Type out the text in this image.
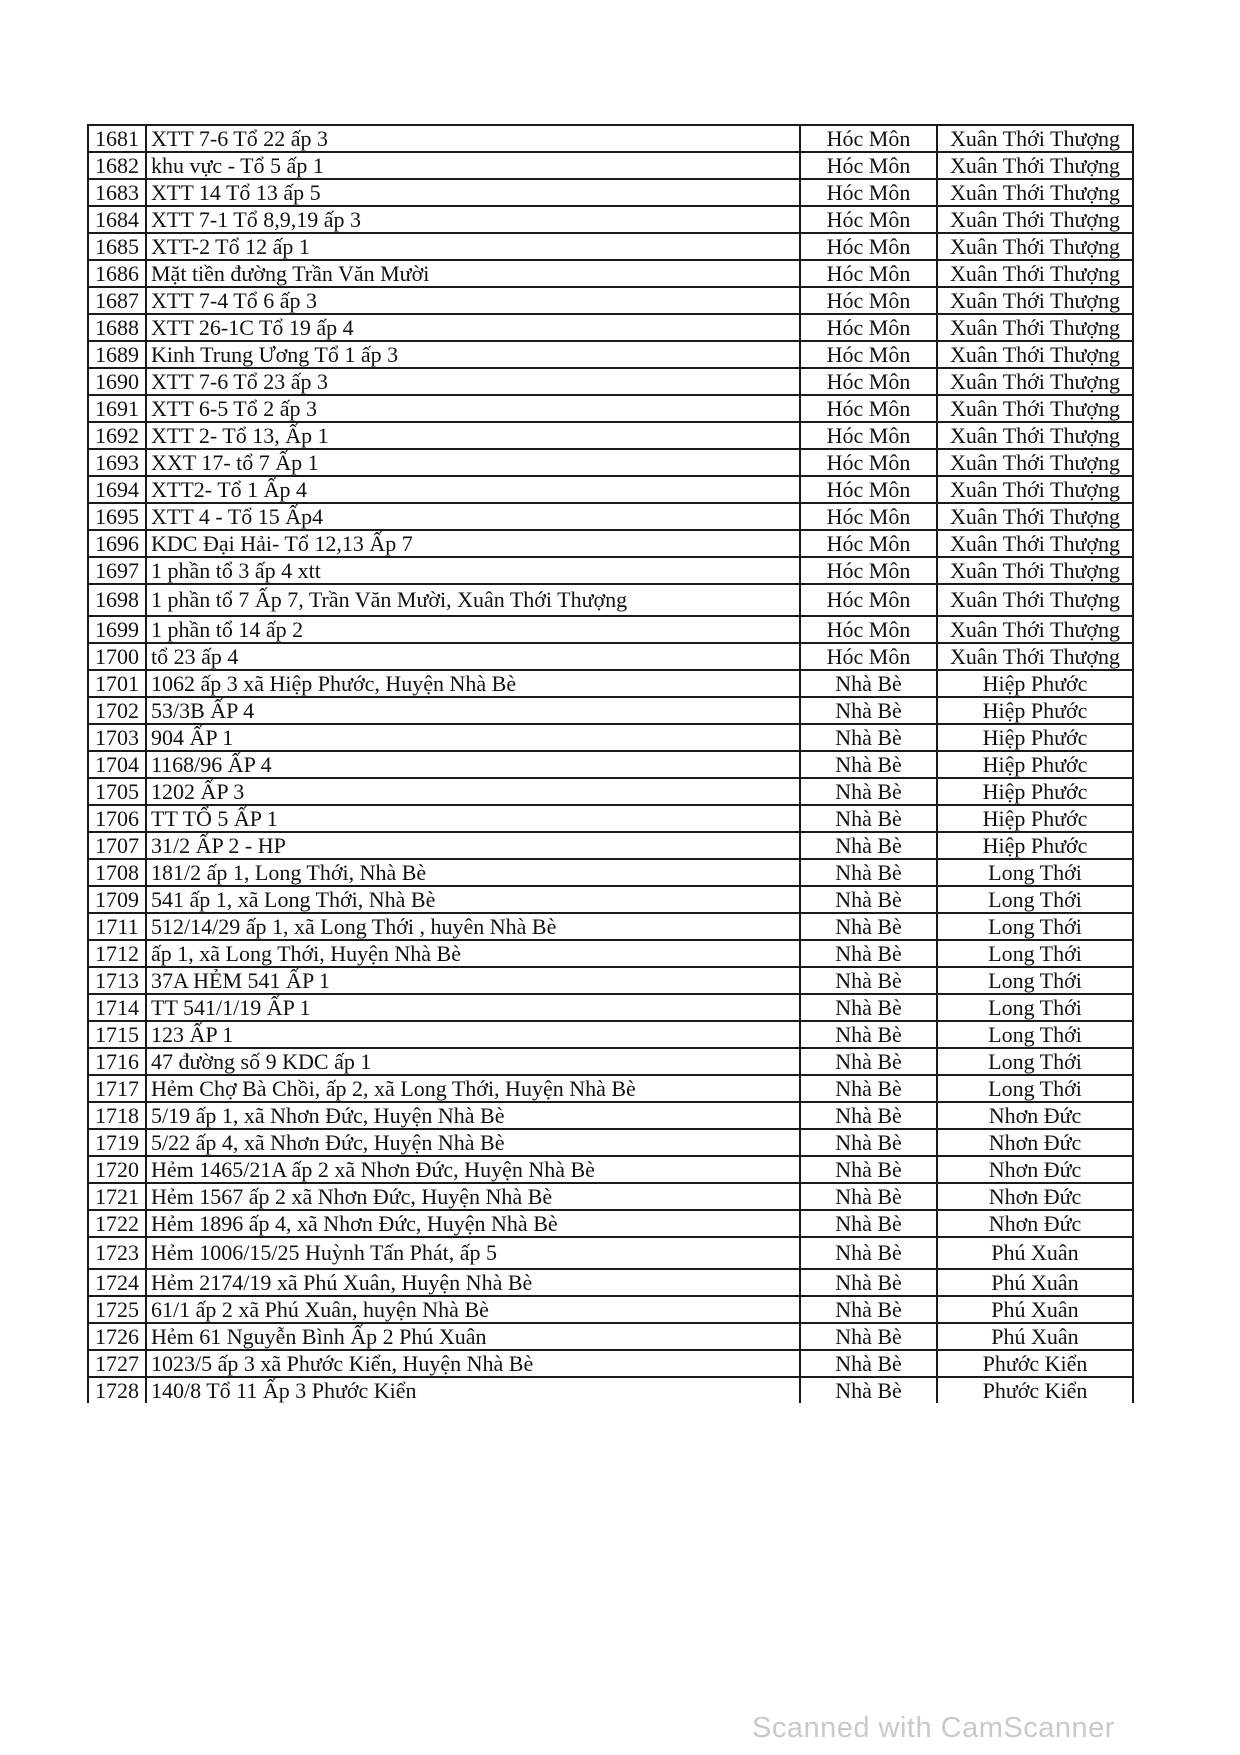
1681	XTT 7-6 Tổ 22 ấp 3	Hóc Môn	Xuân Thới Thượng
1682	khu vực - Tổ 5 ấp 1	Hóc Môn	Xuân Thới Thượng
1683	XTT 14 Tổ 13 ấp 5	Hóc Môn	Xuân Thới Thượng
1684	XTT 7-1 Tổ 8,9,19 ấp 3	Hóc Môn	Xuân Thới Thượng
1685	XTT-2 Tổ 12 ấp 1	Hóc Môn	Xuân Thới Thượng
1686	Mặt tiền đường Trần Văn Mười	Hóc Môn	Xuân Thới Thượng
1687	XTT 7-4 Tổ 6 ấp 3	Hóc Môn	Xuân Thới Thượng
1688	XTT 26-1C Tổ 19 ấp 4	Hóc Môn	Xuân Thới Thượng
1689	Kinh Trung Ương Tổ 1 ấp 3	Hóc Môn	Xuân Thới Thượng
1690	XTT 7-6 Tổ 23 ấp 3	Hóc Môn	Xuân Thới Thượng
1691	XTT 6-5 Tổ 2 ấp 3	Hóc Môn	Xuân Thới Thượng
1692	XTT 2- Tổ 13, Ấp 1	Hóc Môn	Xuân Thới Thượng
1693	XXT 17- tổ 7 Ấp 1	Hóc Môn	Xuân Thới Thượng
1694	XTT2- Tổ 1 Ấp 4	Hóc Môn	Xuân Thới Thượng
1695	XTT 4 - Tổ 15 Ấp4	Hóc Môn	Xuân Thới Thượng
1696	KDC Đại Hải- Tổ 12,13 Ấp 7	Hóc Môn	Xuân Thới Thượng
1697	1 phần tổ 3 ấp 4 xtt	Hóc Môn	Xuân Thới Thượng
1698	1 phần tổ 7 Ấp 7, Trần Văn Mười, Xuân Thới Thượng	Hóc Môn	Xuân Thới Thượng
1699	1 phần tổ 14 ấp 2	Hóc Môn	Xuân Thới Thượng
1700	tổ 23 ấp 4	Hóc Môn	Xuân Thới Thượng
1701	1062 ấp 3 xã Hiệp Phước, Huyện Nhà Bè	Nhà Bè	Hiệp Phước
1702	53/3B ẤP 4	Nhà Bè	Hiệp Phước
1703	904 ẤP 1	Nhà Bè	Hiệp Phước
1704	1168/96 ẤP 4	Nhà Bè	Hiệp Phước
1705	1202 ẤP 3	Nhà Bè	Hiệp Phước
1706	TT TỔ 5 ẤP 1	Nhà Bè	Hiệp Phước
1707	31/2 ẤP 2 - HP	Nhà Bè	Hiệp Phước
1708	181/2 ấp 1, Long Thới, Nhà Bè	Nhà Bè	Long Thới
1709	541 ấp 1, xã Long Thới, Nhà Bè	Nhà Bè	Long Thới
1711	512/14/29 ấp 1, xã Long Thới , huyên Nhà Bè	Nhà Bè	Long Thới
1712	ấp 1, xã Long Thới, Huyện Nhà Bè	Nhà Bè	Long Thới
1713	37A HẺM 541 ẤP 1	Nhà Bè	Long Thới
1714	TT 541/1/19 ẤP 1	Nhà Bè	Long Thới
1715	123 ẤP 1	Nhà Bè	Long Thới
1716	47 đường số 9 KDC ấp 1	Nhà Bè	Long Thới
1717	Hẻm Chợ Bà Chồi, ấp 2, xã Long Thới, Huyện Nhà Bè	Nhà Bè	Long Thới
1718	5/19 ấp 1, xã Nhơn Đức, Huyện Nhà Bè	Nhà Bè	Nhơn Đức
1719	5/22 ấp 4, xã Nhơn Đức, Huyện Nhà Bè	Nhà Bè	Nhơn Đức
1720	Hẻm 1465/21A ấp 2 xã Nhơn Đức, Huyện Nhà Bè	Nhà Bè	Nhơn Đức
1721	Hẻm 1567 ấp 2 xã Nhơn Đức, Huyện Nhà Bè	Nhà Bè	Nhơn Đức
1722	Hẻm 1896 ấp 4, xã Nhơn Đức, Huyện Nhà Bè	Nhà Bè	Nhơn Đức
1723	Hẻm 1006/15/25 Huỳnh Tấn Phát, ấp 5	Nhà Bè	Phú Xuân
1724	Hẻm 2174/19 xã Phú Xuân, Huyện Nhà Bè	Nhà Bè	Phú Xuân
1725	61/1 ấp 2 xã Phú Xuân, huyện Nhà Bè	Nhà Bè	Phú Xuân
1726	Hẻm 61 Nguyễn Bình Ấp 2 Phú Xuân	Nhà Bè	Phú Xuân
1727	1023/5 ấp 3 xã Phước Kiển, Huyện Nhà Bè	Nhà Bè	Phước Kiển
1728	140/8 Tổ 11 Ấp 3 Phước Kiển	Nhà Bè	Phước Kiển
Scanned with CamScanner
